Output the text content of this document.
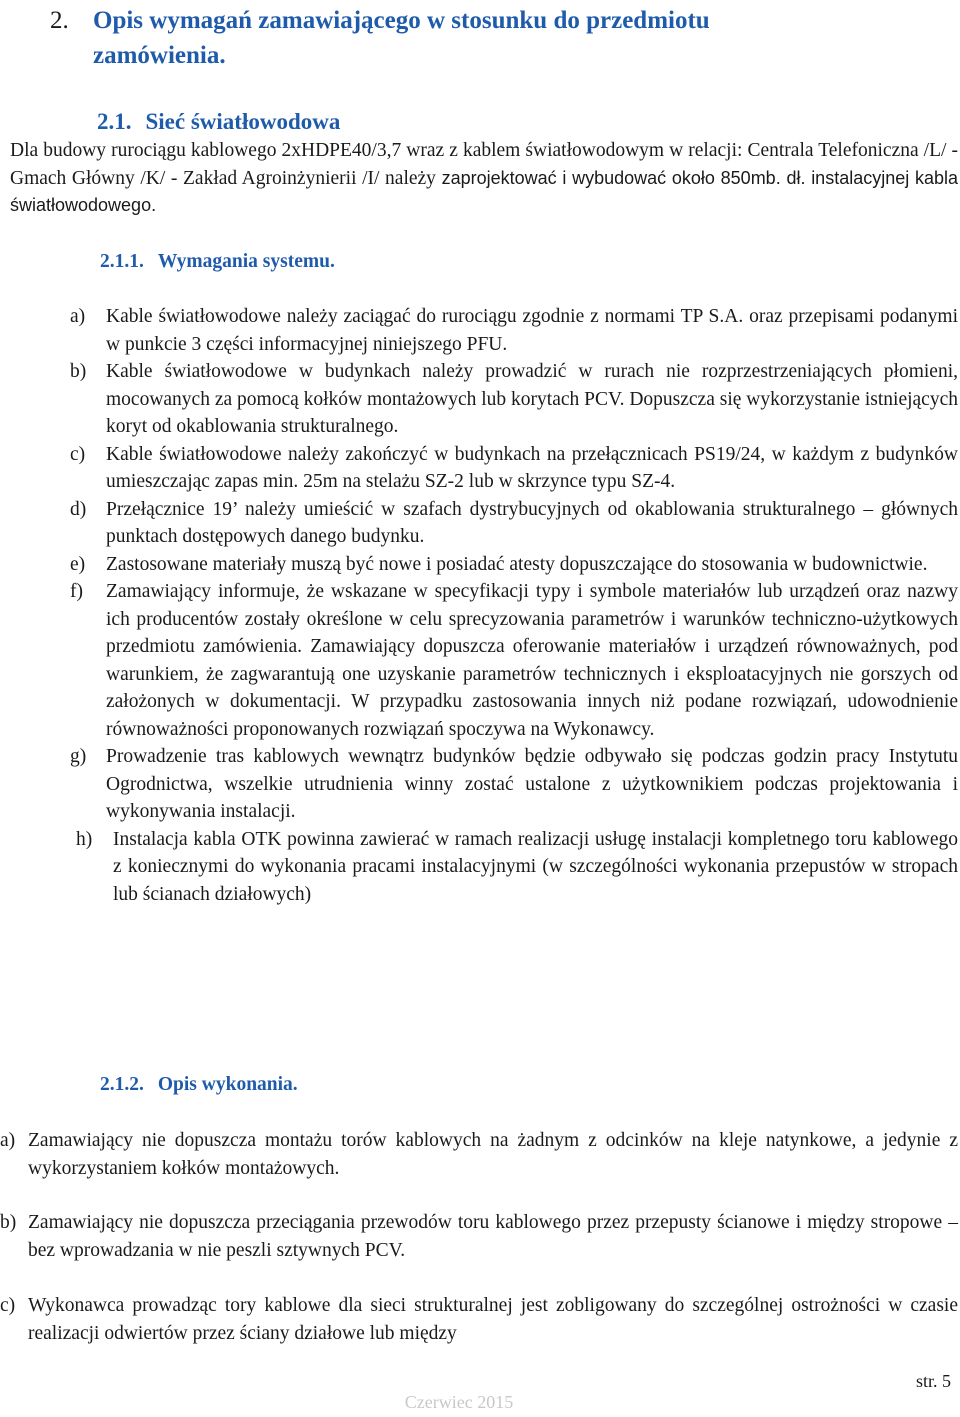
2. Opis wymagań zamawiającego w stosunku do przedmiotu
zamówienia.
2.1. Sieć światłowodowa
Dla budowy rurociągu kablowego 2xHDPE40/3,7 wraz z kablem światłowodowym w relacji: Centrala Telefoniczna /L/ - Gmach Główny /K/ - Zakład Agroinżynierii /I/ należy zaprojektować i wybudować około 850mb. dł. instalacyjnej kabla światłowodowego.
2.1.1. Wymagania systemu.
a) Kable światłowodowe należy zaciągać do rurociągu zgodnie z normami TP S.A. oraz przepisami podanymi w punkcie 3 części informacyjnej niniejszego PFU.
b) Kable światłowodowe w budynkach należy prowadzić w rurach nie rozprzestrzeniających płomieni, mocowanych za pomocą kołków montażowych lub korytach PCV. Dopuszcza się wykorzystanie istniejących koryt od okablowania strukturalnego.
c) Kable światłowodowe należy zakończyć w budynkach na przełącznicach PS19/24, w każdym z budynków umieszczając zapas min. 25m na stelażu SZ-2 lub w skrzynce typu SZ-4.
d) Przełącznice 19’ należy umieścić w szafach dystrybucyjnych od okablowania strukturalnego – głównych punktach dostępowych danego budynku.
e) Zastosowane materiały muszą być nowe i posiadać atesty dopuszczające do stosowania w budownictwie.
f) Zamawiający informuje, że wskazane w specyfikacji typy i symbole materiałów lub urządzeń oraz nazwy ich producentów zostały określone w celu sprecyzowania parametrów i warunków techniczno-użytkowych przedmiotu zamówienia. Zamawiający dopuszcza oferowanie materiałów i urządzeń równoważnych, pod warunkiem, że zagwarantują one uzyskanie parametrów technicznych i eksploatacyjnych nie gorszych od założonych w dokumentacji. W przypadku zastosowania innych niż podane rozwiązań, udowodnienie równoważności proponowanych rozwiązań spoczywa na Wykonawcy.
g) Prowadzenie tras kablowych wewnątrz budynków będzie odbywało się podczas godzin pracy Instytutu Ogrodnictwa, wszelkie utrudnienia winny zostać ustalone z użytkownikiem podczas projektowania i wykonywania instalacji.
h) Instalacja kabla OTK powinna zawierać w ramach realizacji usługę instalacji kompletnego toru kablowego z koniecznymi do wykonania pracami instalacyjnymi (w szczególności wykonania przepustów w stropach lub ścianach działowych)
2.1.2. Opis wykonania.
a) Zamawiający nie dopuszcza montażu torów kablowych na żadnym z odcinków na kleje natynkowe, a jedynie z wykorzystaniem kołków montażowych.
b) Zamawiający nie dopuszcza przeciągania przewodów toru kablowego przez przepusty ścianowe i między stropowe – bez wprowadzania w nie peszli sztywnych PCV.
c) Wykonawca prowadząc tory kablowe dla sieci strukturalnej jest zobligowany do szczególnej ostrożności w czasie realizacji odwiertów przez ściany działowe lub między
str. 5
Czerwiec 2015
